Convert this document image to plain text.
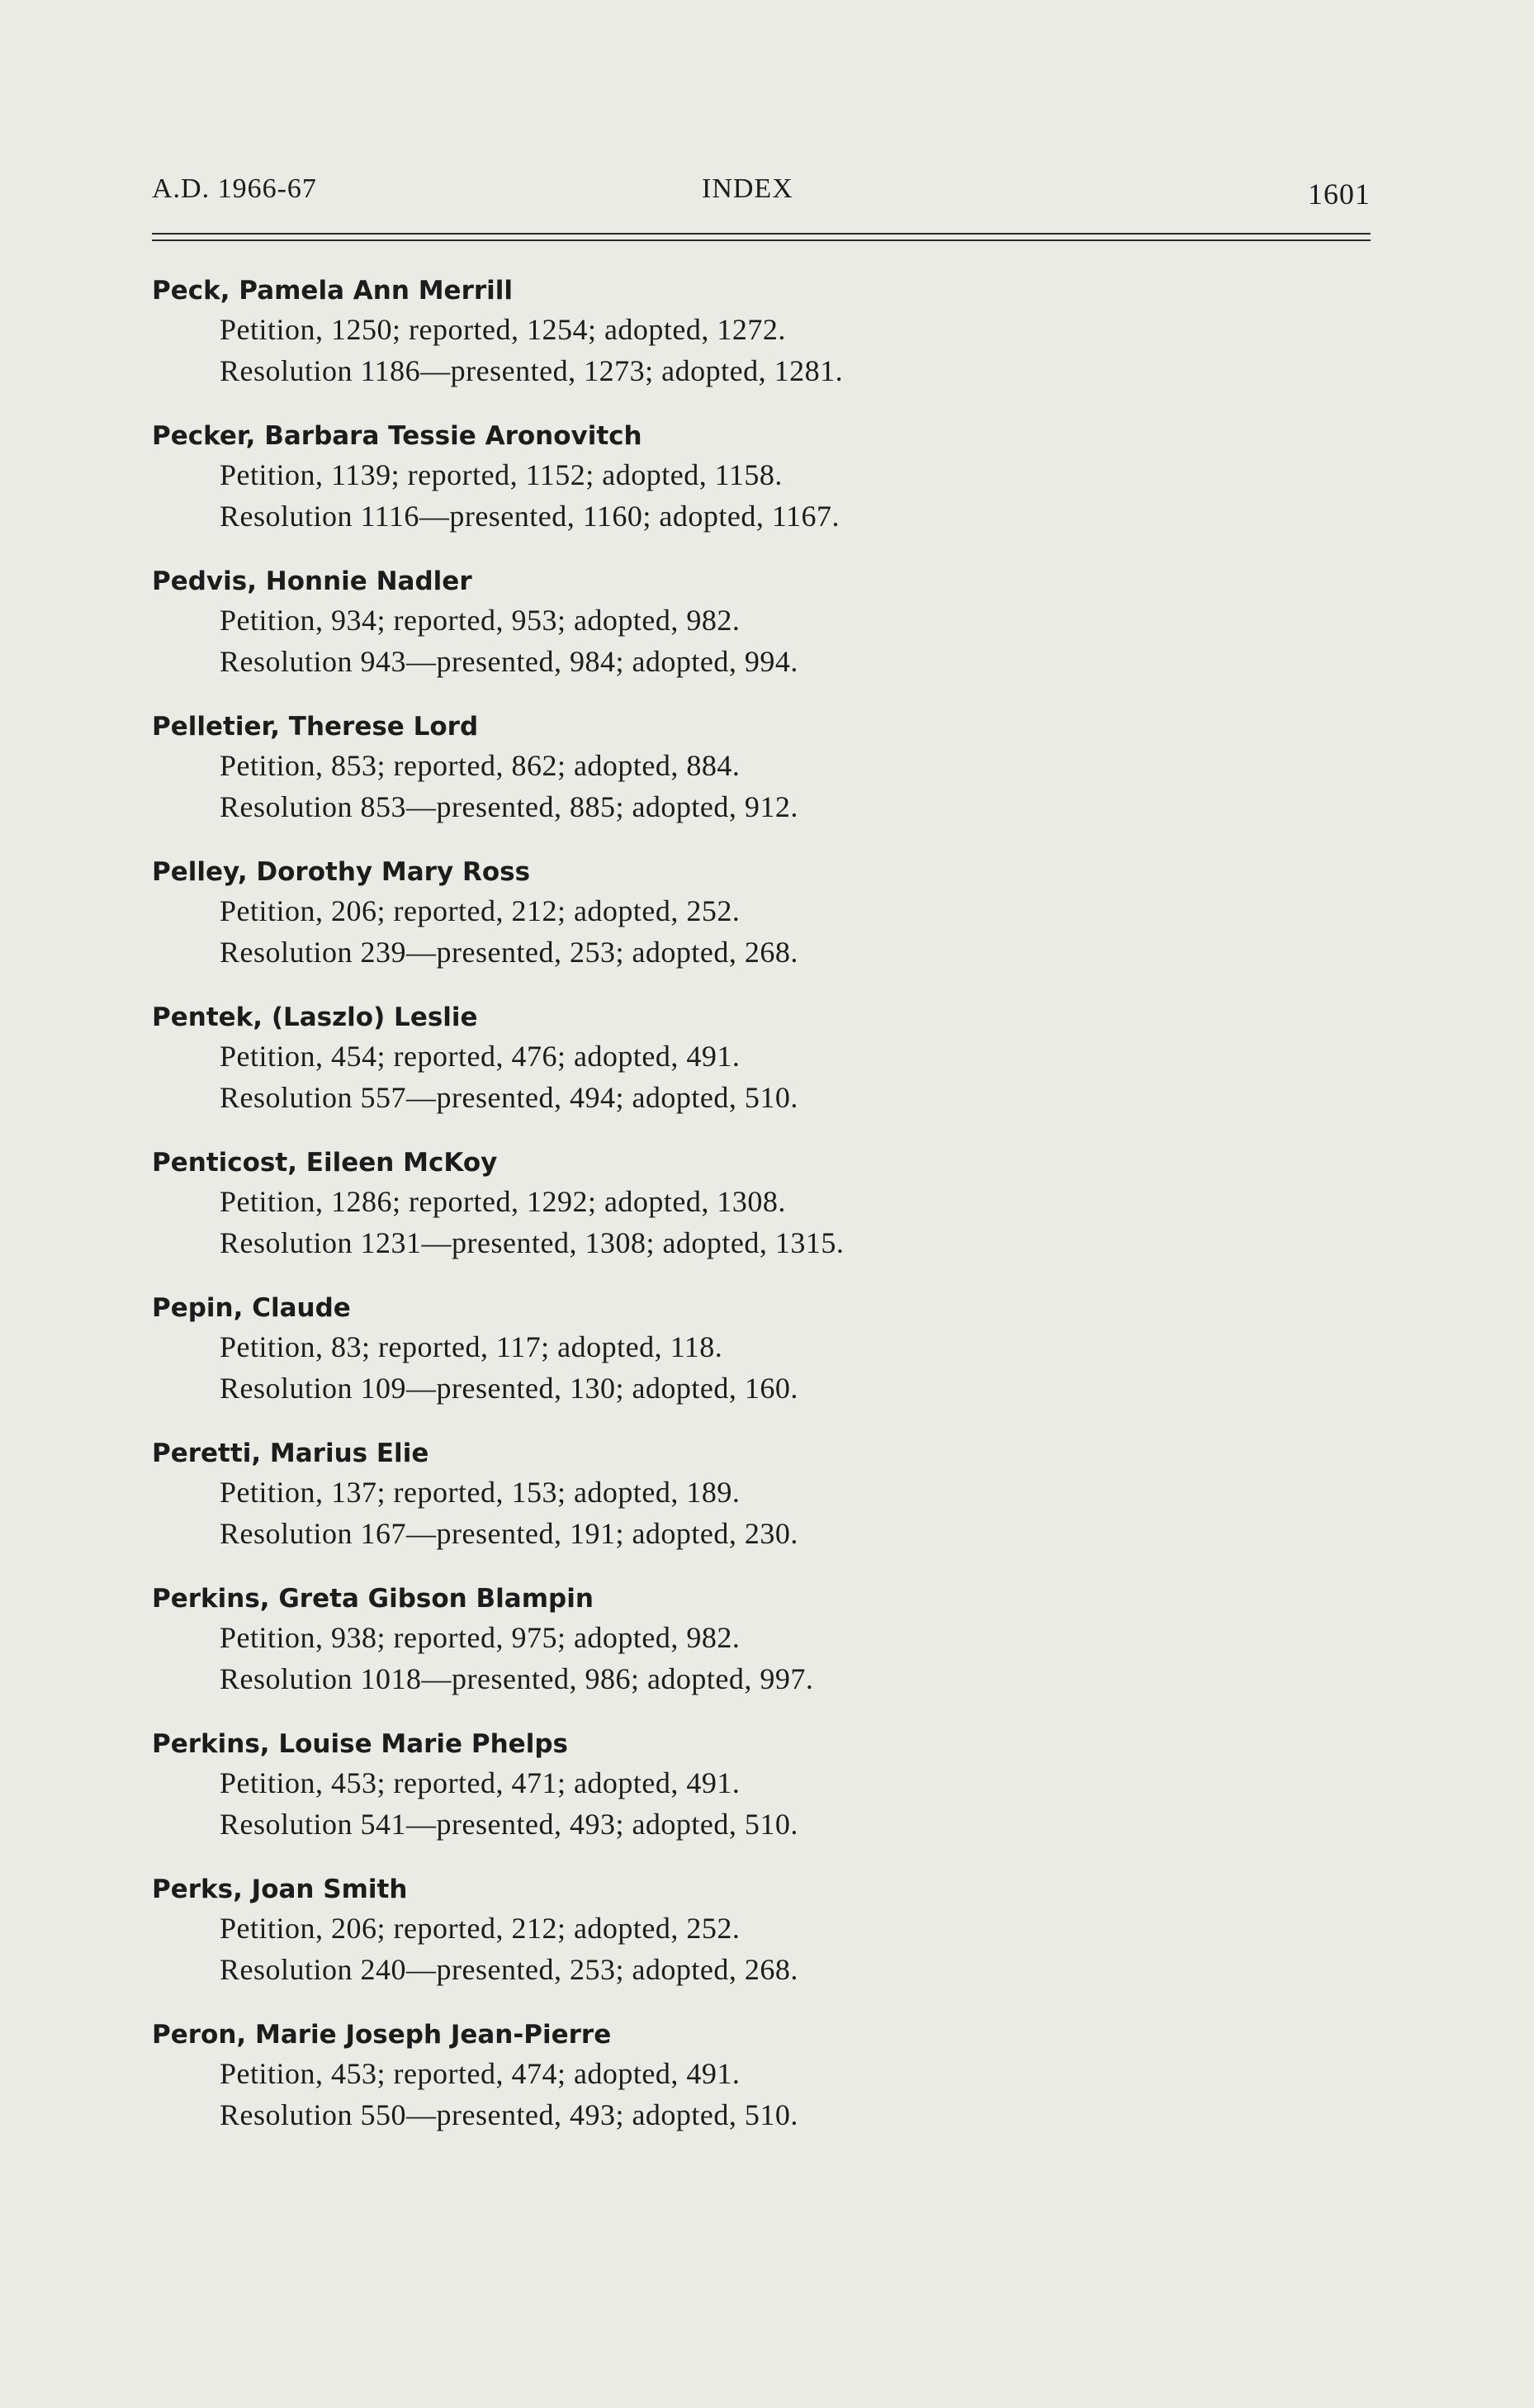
A.D. 1966-67	INDEX	1601
Peck, Pamela Ann Merrill
Petition, 1250; reported, 1254; adopted, 1272.
Resolution 1186—presented, 1273; adopted, 1281.
Pecker, Barbara Tessie Aronovitch
Petition, 1139; reported, 1152; adopted, 1158.
Resolution 1116—presented, 1160; adopted, 1167.
Pedvis, Honnie Nadler
Petition, 934; reported, 953; adopted, 982.
Resolution 943—presented, 984; adopted, 994.
Pelletier, Therese Lord
Petition, 853; reported, 862; adopted, 884.
Resolution 853—presented, 885; adopted, 912.
Pelley, Dorothy Mary Ross
Petition, 206; reported, 212; adopted, 252.
Resolution 239—presented, 253; adopted, 268.
Pentek, (Laszlo) Leslie
Petition, 454; reported, 476; adopted, 491.
Resolution 557—presented, 494; adopted, 510.
Penticost, Eileen McKoy
Petition, 1286; reported, 1292; adopted, 1308.
Resolution 1231—presented, 1308; adopted, 1315.
Pepin, Claude
Petition, 83; reported, 117; adopted, 118.
Resolution 109—presented, 130; adopted, 160.
Peretti, Marius Elie
Petition, 137; reported, 153; adopted, 189.
Resolution 167—presented, 191; adopted, 230.
Perkins, Greta Gibson Blampin
Petition, 938; reported, 975; adopted, 982.
Resolution 1018—presented, 986; adopted, 997.
Perkins, Louise Marie Phelps
Petition, 453; reported, 471; adopted, 491.
Resolution 541—presented, 493; adopted, 510.
Perks, Joan Smith
Petition, 206; reported, 212; adopted, 252.
Resolution 240—presented, 253; adopted, 268.
Peron, Marie Joseph Jean-Pierre
Petition, 453; reported, 474; adopted, 491.
Resolution 550—presented, 493; adopted, 510.
